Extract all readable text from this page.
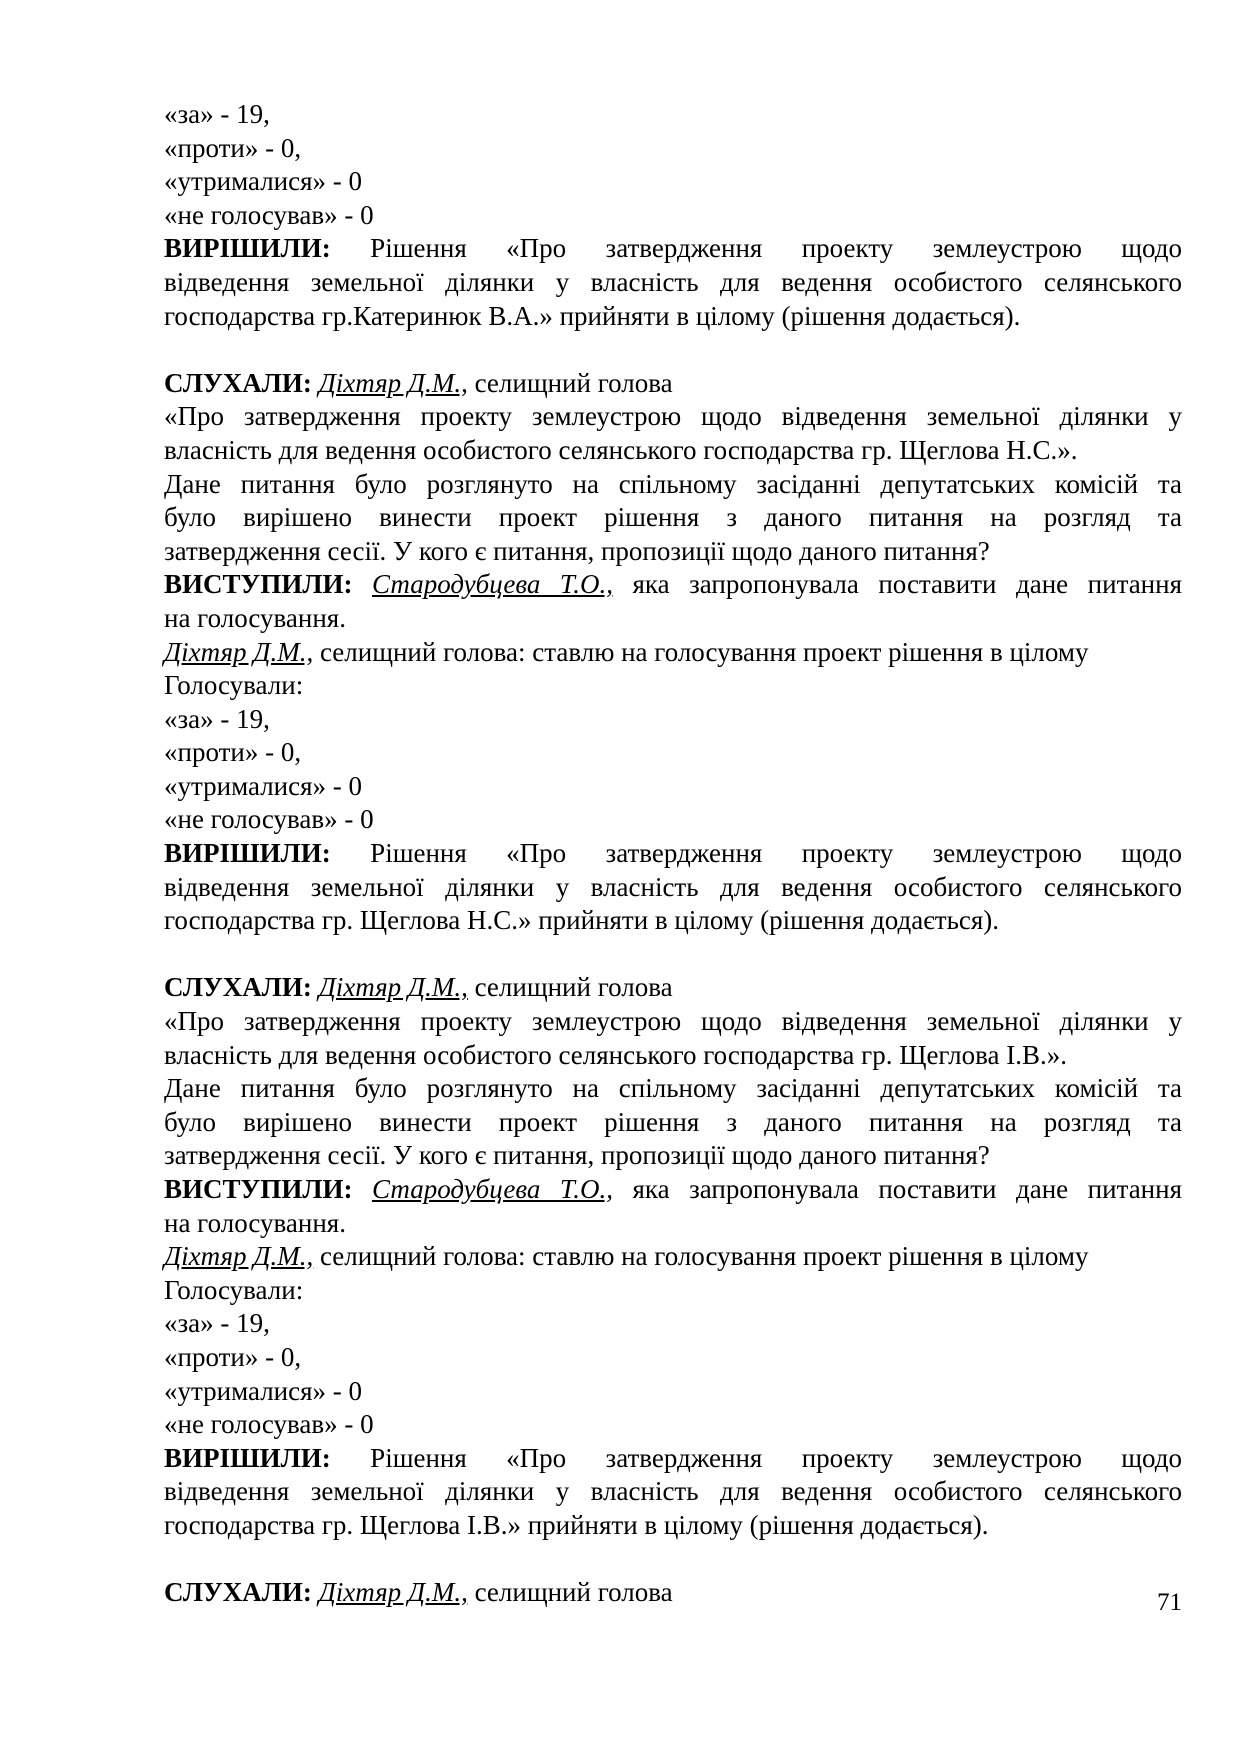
«за» - 19,
«проти» - 0,
«утрималися» - 0
«не голосував» - 0
ВИРІШИЛИ: Рішення «Про затвердження проекту землеустрою щодо
відведення земельної ділянки у власність для ведення особистого селянського
господарства гр.Катеринюк В.А.» прийняти в цілому (рішення додається).
СЛУХАЛИ: Діхтяр Д.М., селищний голова
«Про затвердження проекту землеустрою щодо відведення земельної ділянки у
власність для ведення особистого селянського господарства гр. Щеглова Н.С.».
Дане питання було розглянуто на спільному засіданні депутатських комісій та
було вирішено винести проект рішення з даного питання на розгляд та
затвердження сесії. У кого є питання, пропозиції щодо даного питання?
ВИСТУПИЛИ: Стародубцева Т.О., яка запропонувала поставити дане питання
на голосування.
Діхтяр Д.М., селищний голова: ставлю на голосування проект рішення в цілому
Голосували:
«за» - 19,
«проти» - 0,
«утрималися» - 0
«не голосував» - 0
ВИРІШИЛИ: Рішення «Про затвердження проекту землеустрою щодо
відведення земельної ділянки у власність для ведення особистого селянського
господарства гр. Щеглова Н.С.» прийняти в цілому (рішення додається).
СЛУХАЛИ: Діхтяр Д.М., селищний голова
«Про затвердження проекту землеустрою щодо відведення земельної ділянки у
власність для ведення особистого селянського господарства гр. Щеглова І.В.».
Дане питання було розглянуто на спільному засіданні депутатських комісій та
було вирішено винести проект рішення з даного питання на розгляд та
затвердження сесії. У кого є питання, пропозиції щодо даного питання?
ВИСТУПИЛИ: Стародубцева Т.О., яка запропонувала поставити дане питання
на голосування.
Діхтяр Д.М., селищний голова: ставлю на голосування проект рішення в цілому
Голосували:
«за» - 19,
«проти» - 0,
«утрималися» - 0
«не голосував» - 0
ВИРІШИЛИ: Рішення «Про затвердження проекту землеустрою щодо
відведення земельної ділянки у власність для ведення особистого селянського
господарства гр. Щеглова І.В.» прийняти в цілому (рішення додається).
СЛУХАЛИ: Діхтяр Д.М., селищний голова	71
